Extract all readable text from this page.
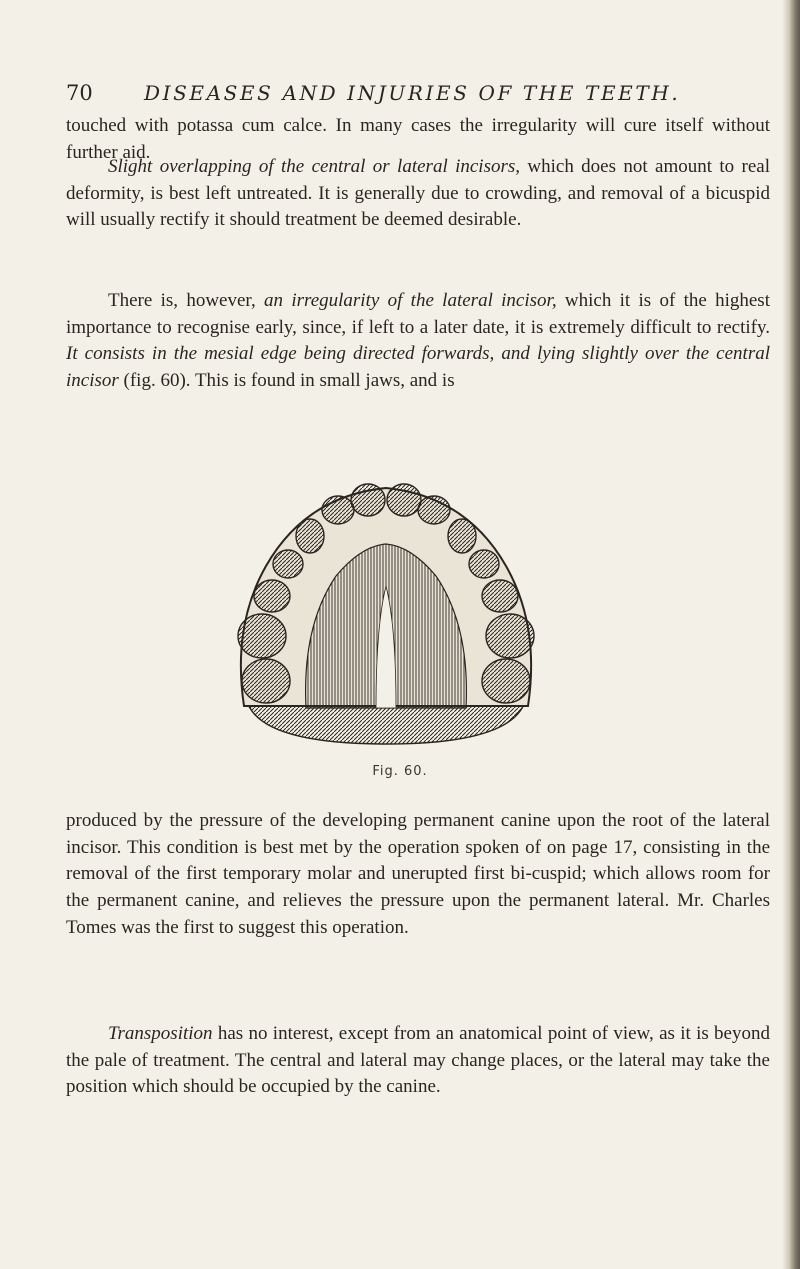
70	DISEASES AND INJURIES OF THE TEETH.

touched with potassa cum calce. In many cases the irregularity will cure itself without further aid.

Slight overlapping of the central or lateral incisors, which does not amount to real deformity, is best left untreated. It is generally due to crowding, and removal of a bicuspid will usually rectify it should treatment be deemed desirable.

There is, however, an irregularity of the lateral incisor, which it is of the highest importance to recognise early, since, if left to a later date, it is extremely difficult to rectify. It consists in the mesial edge being directed forwards, and lying slightly over the central incisor (fig. 60). This is found in small jaws, and is

Fig. 60.

produced by the pressure of the developing permanent canine upon the root of the lateral incisor. This condition is best met by the operation spoken of on page 17, consisting in the removal of the first temporary molar and unerupted first bi-cuspid; which allows room for the permanent canine, and relieves the pressure upon the permanent lateral. Mr. Charles Tomes was the first to suggest this operation.

Transposition has no interest, except from an anatomical point of view, as it is beyond the pale of treatment. The central and lateral may change places, or the lateral may take the position which should be occupied by the canine.
